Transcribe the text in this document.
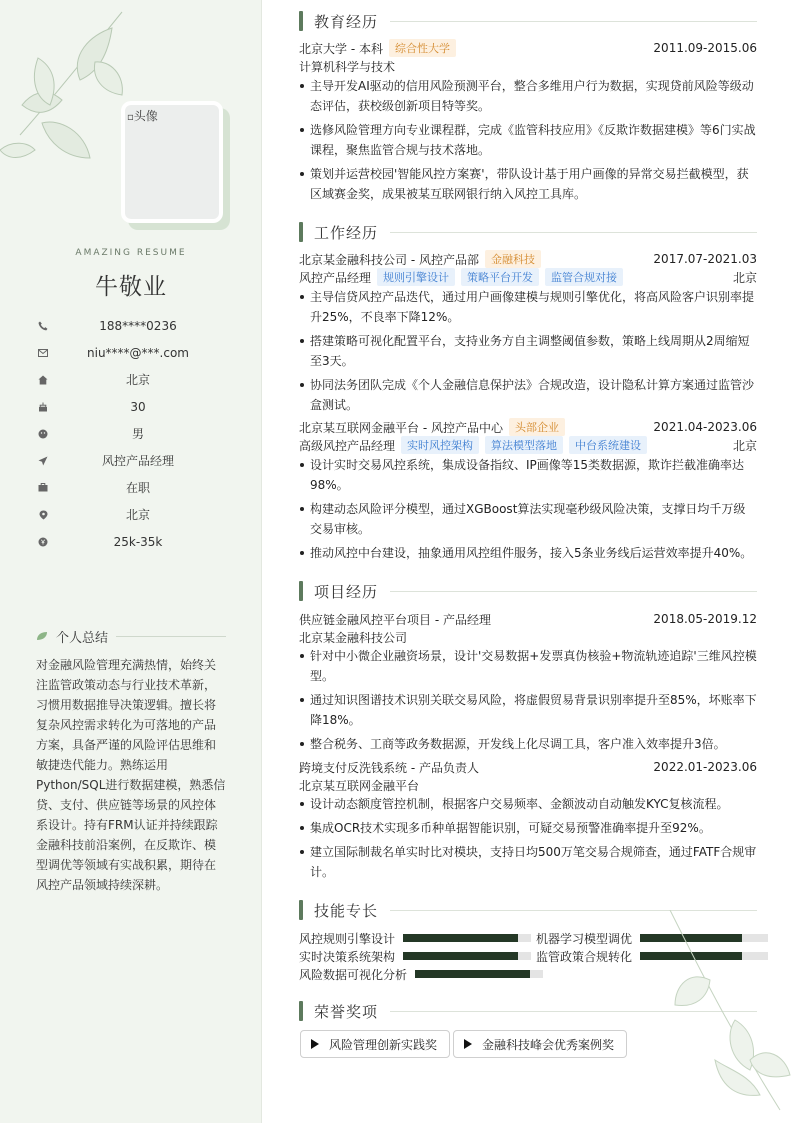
▫头像
AMAZING RESUME
牛敬业
188****0236
niu****@***.com
北京
30
男
风控产品经理
在职
北京
25k-35k
个人总结
对金融风险管理充满热情，始终关注监管政策动态与行业技术革新，习惯用数据推导决策逻辑。擅长将复杂风控需求转化为可落地的产品方案，具备严谨的风险评估思维和敏捷迭代能力。熟练运用Python/SQL进行数据建模，熟悉信贷、支付、供应链等场景的风控体系设计。持有FRM认证并持续跟踪金融科技前沿案例，在反欺诈、模型调优等领域有实战积累，期待在风控产品领域持续深耕。
教育经历
北京大学 - 本科	综合性大学	2011.09-2015.06
计算机科学与技术
主导开发AI驱动的信用风险预测平台，整合多维用户行为数据，实现贷前风险等级动态评估，获校级创新项目特等奖。
选修风险管理方向专业课程群，完成《监管科技应用》《反欺诈数据建模》等6门实战课程，聚焦监管合规与技术落地。
策划并运营校园'智能风控方案赛'，带队设计基于用户画像的异常交易拦截模型，获区域赛金奖，成果被某互联网银行纳入风控工具库。
工作经历
北京某金融科技公司 - 风控产品部	金融科技	2017.07-2021.03
风控产品经理	规则引擎设计	策略平台开发	监管合规对接	北京
主导信贷风控产品迭代，通过用户画像建模与规则引擎优化，将高风险客户识别率提升25%，不良率下降12%。
搭建策略可视化配置平台，支持业务方自主调整阈值参数，策略上线周期从2周缩短至3天。
协同法务团队完成《个人金融信息保护法》合规改造，设计隐私计算方案通过监管沙盒测试。
北京某互联网金融平台 - 风控产品中心	头部企业	2021.04-2023.06
高级风控产品经理	实时风控架构	算法模型落地	中台系统建设	北京
设计实时交易风控系统，集成设备指纹、IP画像等15类数据源，欺诈拦截准确率达98%。
构建动态风险评分模型，通过XGBoost算法实现毫秒级风险决策，支撑日均千万级交易审核。
推动风控中台建设，抽象通用风控组件服务，接入5条业务线后运营效率提升40%。
项目经历
供应链金融风控平台项目 - 产品经理	2018.05-2019.12
北京某金融科技公司
针对中小微企业融资场景，设计'交易数据+发票真伪核验+物流轨迹追踪'三维风控模型。
通过知识图谱技术识别关联交易风险，将虚假贸易背景识别率提升至85%，坏账率下降18%。
整合税务、工商等政务数据源，开发线上化尽调工具，客户准入效率提升3倍。
跨境支付反洗钱系统 - 产品负责人	2022.01-2023.06
北京某互联网金融平台
设计动态额度管控机制，根据客户交易频率、金额波动自动触发KYC复核流程。
集成OCR技术实现多币种单据智能识别，可疑交易预警准确率提升至92%。
建立国际制裁名单实时比对模块，支持日均500万笔交易合规筛查，通过FATF合规审计。
技能专长
风控规则引擎设计	机器学习模型调优
实时决策系统架构	监管政策合规转化
风险数据可视化分析
荣誉奖项
风险管理创新实践奖	金融科技峰会优秀案例奖
